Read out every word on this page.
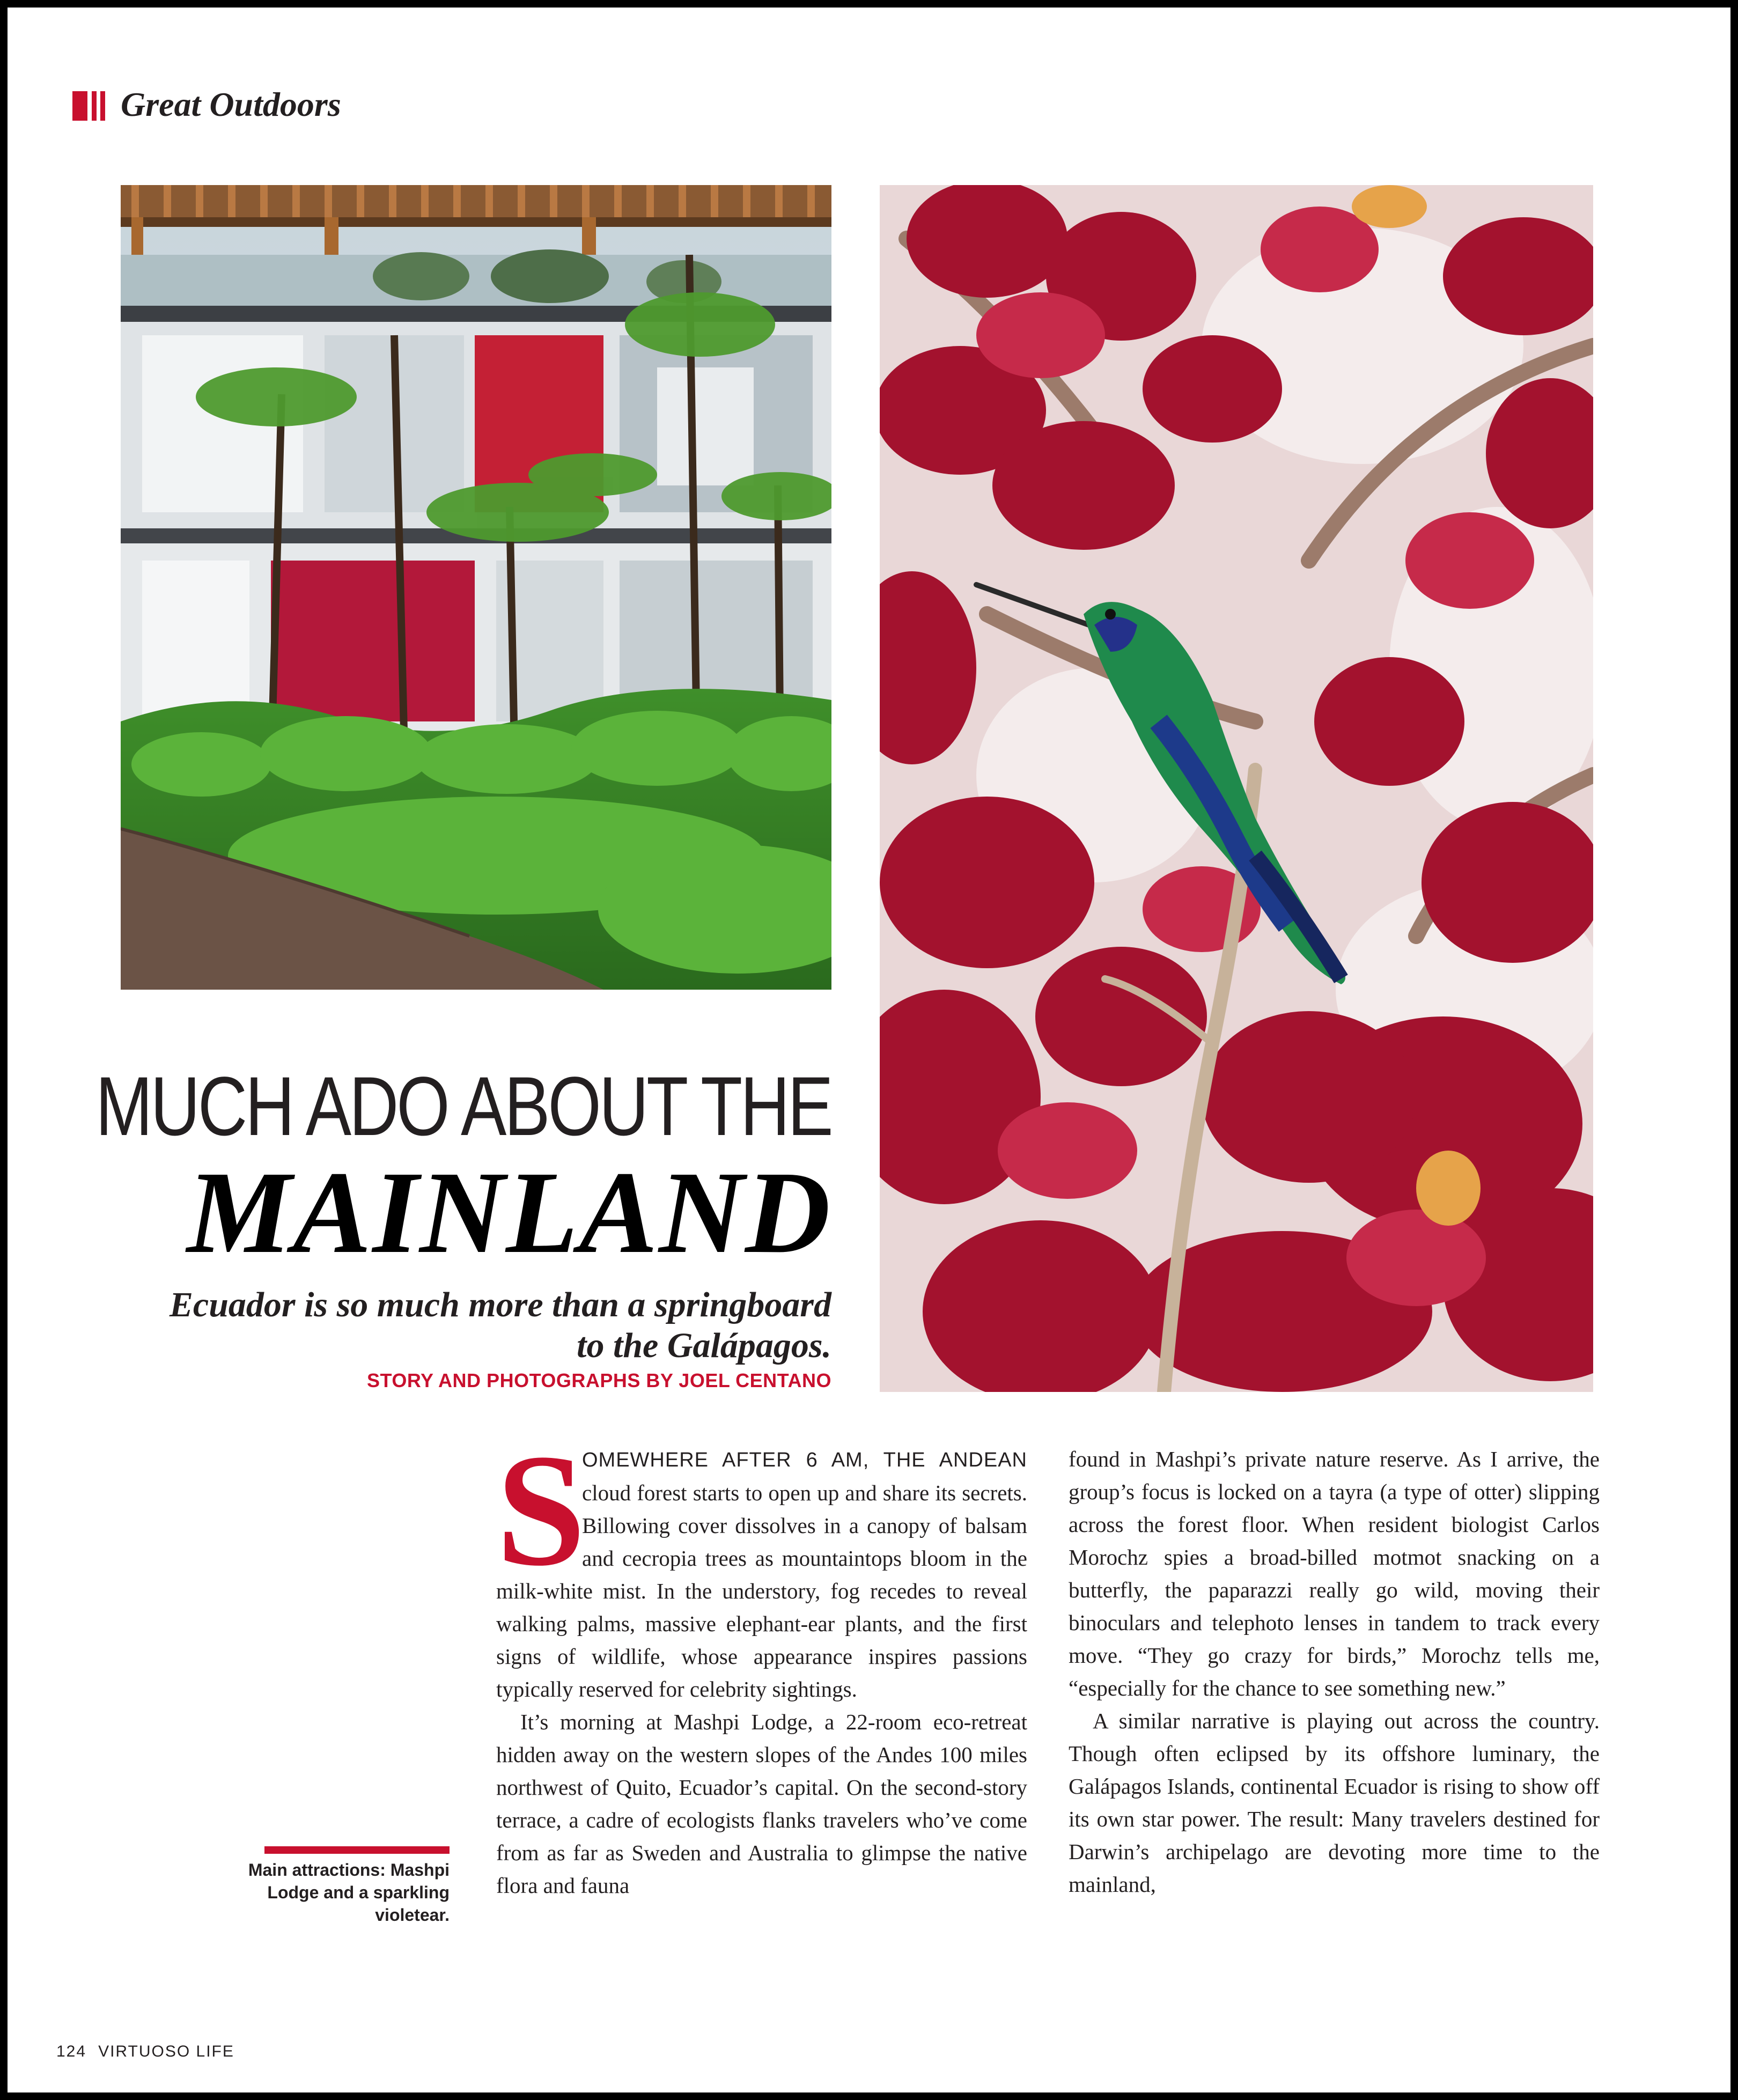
Great Outdoors
MUCH ADO ABOUT THE
MAINLAND
Ecuador is so much more than a springboard to the Galápagos.
STORY AND PHOTOGRAPHS BY JOEL CENTANO

S
OMEWHERE AFTER 6 AM, THE ANDEAN cloud forest starts to open up and share its secrets. Billowing cover dissolves in a canopy of balsam and cecropia trees as mountaintops bloom in the milk-white mist. In the understory, fog recedes to reveal walking palms, massive elephant-ear plants, and the first signs of wildlife, whose appearance inspires passions typically reserved for celebrity sightings.

It’s morning at Mashpi Lodge, a 22-room eco-retreat hidden away on the western slopes of the Andes 100 miles northwest of Quito, Ecuador’s capital. On the second-story terrace, a cadre of ecologists flanks travelers who’ve come from as far as Sweden and Australia to glimpse the native flora and fauna

found in Mashpi’s private nature reserve. As I arrive, the group’s focus is locked on a tayra (a type of otter) slipping across the forest floor. When resident biologist Carlos Morochz spies a broad-billed motmot snacking on a butterfly, the paparazzi really go wild, moving their binoculars and telephoto lenses in tandem to track every move. “They go crazy for birds,” Morochz tells me, “especially for the chance to see something new.”

A similar narrative is playing out across the country. Though often eclipsed by its offshore luminary, the Galápagos Islands, continental Ecuador is rising to show off its own star power. The result: Many travelers destined for Darwin’s archipelago are devoting more time to the mainland,

Main attractions: Mashpi Lodge and a sparkling violetear.
124 VIRTUOSO LIFE
